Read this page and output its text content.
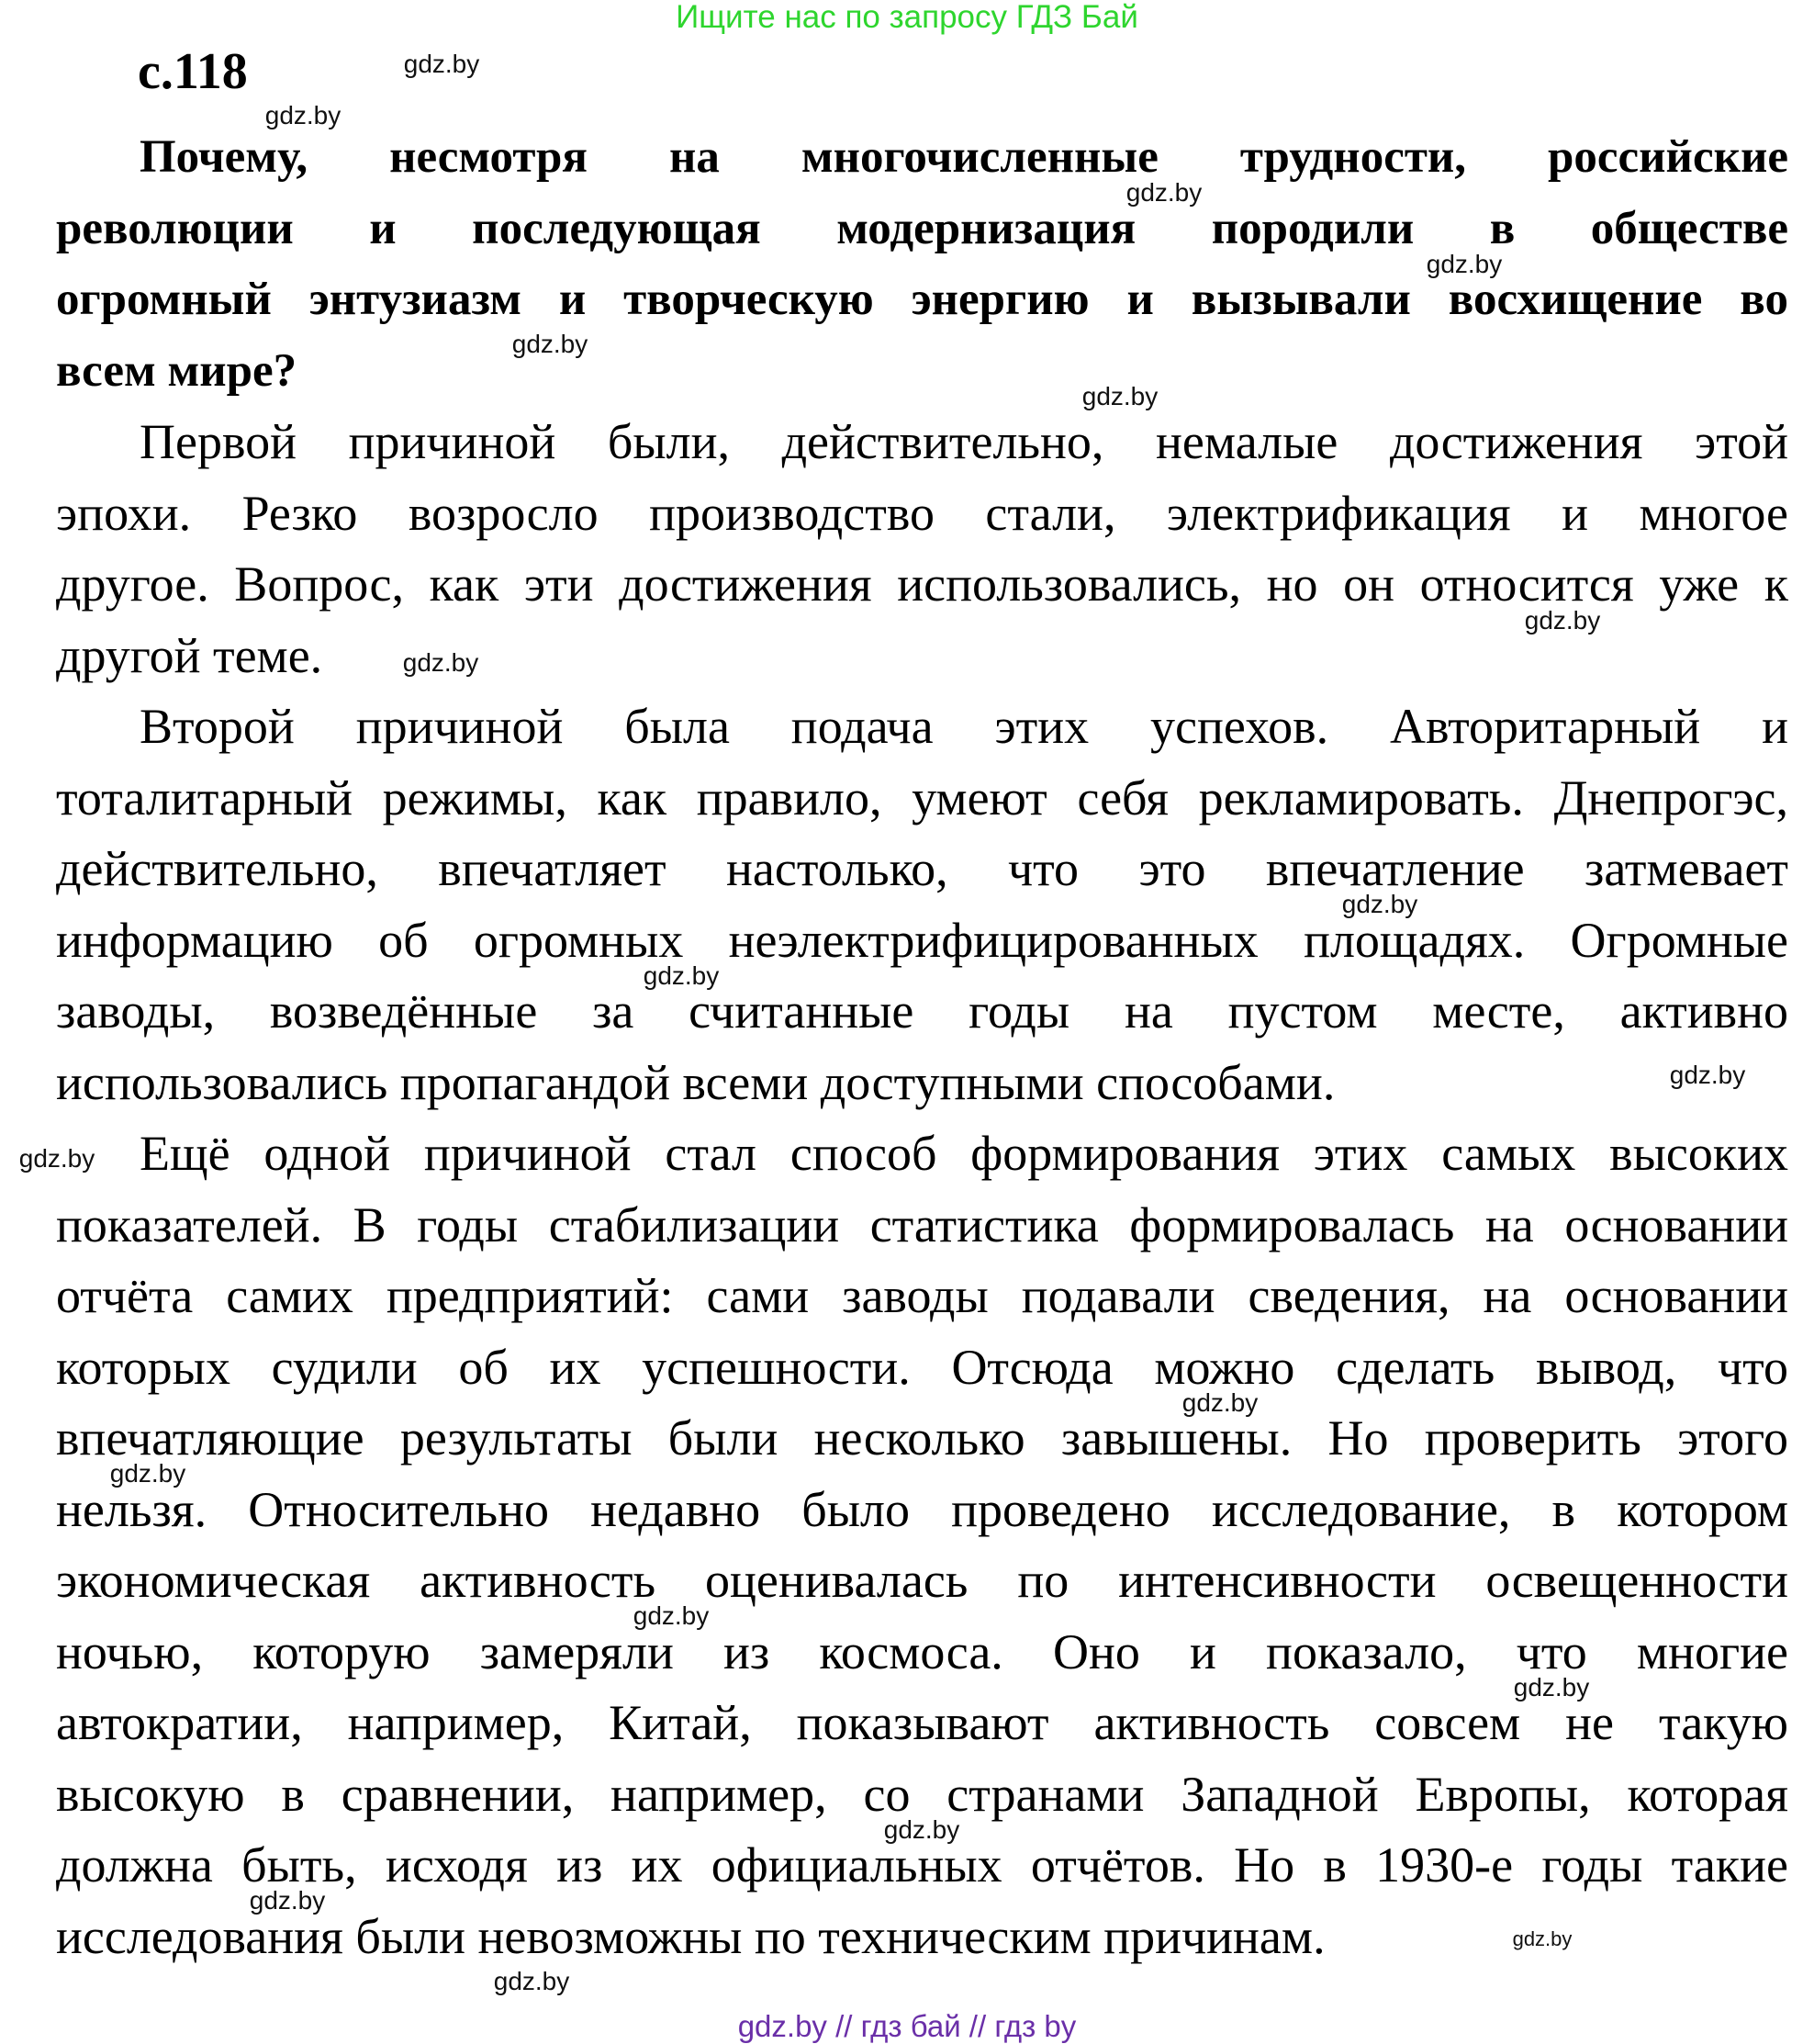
Ищите нас по запросу ГДЗ Бай
с.118
Почему, несмотря на многочисленные трудности, российские
революции и последующая модернизация породили в обществе
огромный энтузиазм и творческую энергию и вызывали восхищение во
всем мире?
Первой причиной были, действительно, немалые достижения этой
эпохи. Резко возросло производство стали, электрификация и многое
другое. Вопрос, как эти достижения использовались, но он относится уже к
другой теме.
Второй причиной была подача этих успехов. Авторитарный и
тоталитарный режимы, как правило, умеют себя рекламировать. Днепрогэс,
действительно, впечатляет настолько, что это впечатление затмевает
информацию об огромных неэлектрифицированных площадях. Огромные
заводы, возведённые за считанные годы на пустом месте, активно
использовались пропагандой всеми доступными способами.
Ещё одной причиной стал способ формирования этих самых высоких
показателей. В годы стабилизации статистика формировалась на основании
отчёта самих предприятий: сами заводы подавали сведения, на основании
которых судили об их успешности. Отсюда можно сделать вывод, что
впечатляющие результаты были несколько завышены. Но проверить этого
нельзя. Относительно недавно было проведено исследование, в котором
экономическая активность оценивалась по интенсивности освещенности
ночью, которую замеряли из космоса. Оно и показало, что многие
автократии, например, Китай, показывают активность совсем не такую
высокую в сравнении, например, со странами Западной Европы, которая
должна быть, исходя из их официальных отчётов. Но в 1930-е годы такие
исследования были невозможны по техническим причинам.
gdz.by
gdz.by
gdz.by
gdz.by
gdz.by
gdz.by
gdz.by
gdz.by
gdz.by
gdz.by
gdz.by
gdz.by
gdz.by
gdz.by
gdz.by
gdz.by
gdz.by
gdz.by
gdz.by
gdz.by
gdz.by // гдз бай // гдз by
